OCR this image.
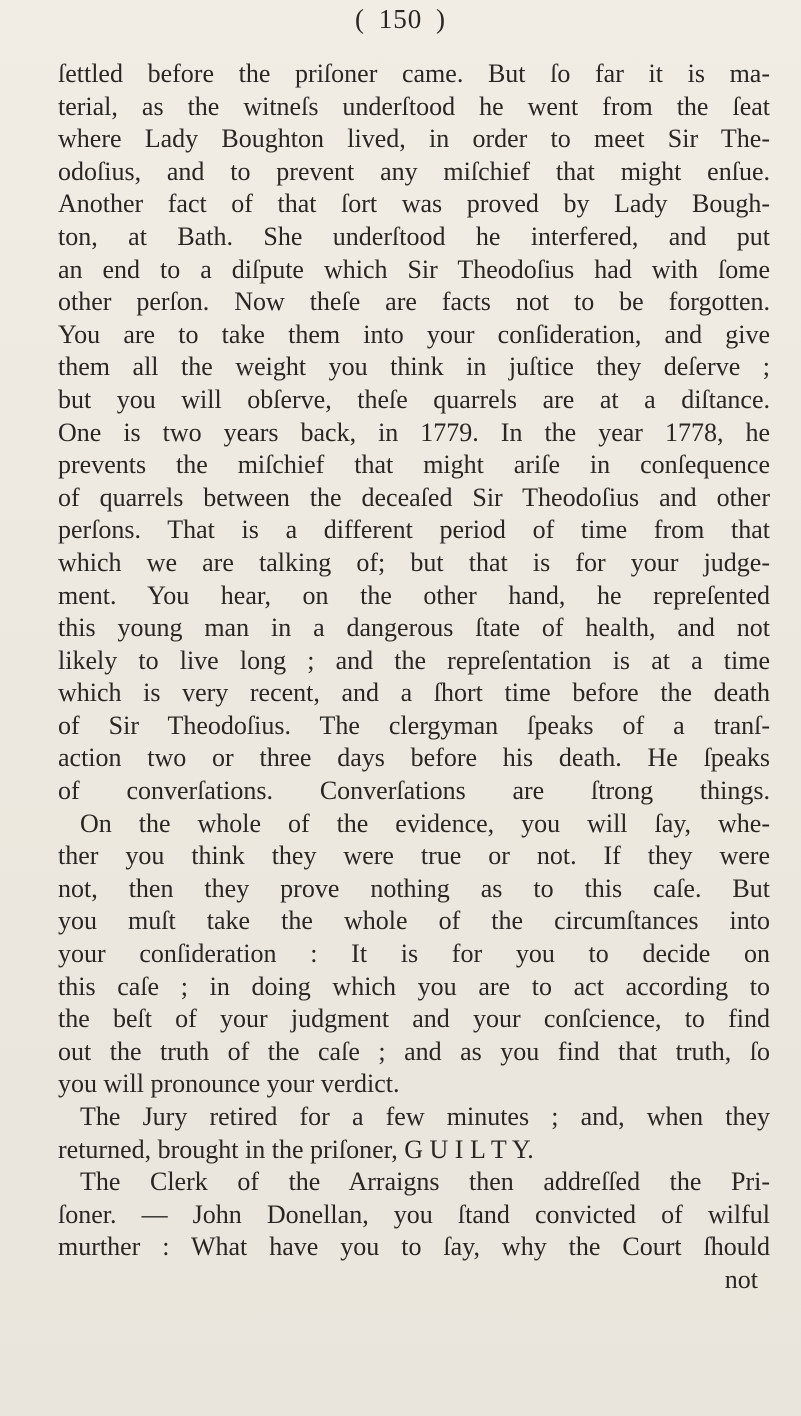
( 150 )
ſettled before the priſoner came. But ſo far it is ma-
terial, as the witneſs underſtood he went from the ſeat
where Lady Boughton lived, in order to meet Sir The-
odoſius, and to prevent any miſchief that might enſue.
Another fact of that ſort was proved by Lady Bough-
ton, at Bath. She underſtood he interfered, and put
an end to a diſpute which Sir Theodoſius had with ſome
other perſon. Now theſe are facts not to be forgotten.
You are to take them into your conſideration, and give
them all the weight you think in juſtice they deſerve ;
but you will obſerve, theſe quarrels are at a diſtance.
One is two years back, in 1779. In the year 1778, he
prevents the miſchief that might ariſe in conſequence
of quarrels between the deceaſed Sir Theodoſius and other
perſons. That is a different period of time from that
which we are talking of; but that is for your judge-
ment. You hear, on the other hand, he repreſented
this young man in a dangerous ſtate of health, and not
likely to live long ; and the repreſentation is at a time
which is very recent, and a ſhort time before the death
of Sir Theodoſius. The clergyman ſpeaks of a tranſ-
action two or three days before his death. He ſpeaks
of converſations. Converſations are ſtrong things.
On the whole of the evidence, you will ſay, whe-
ther you think they were true or not. If they were
not, then they prove nothing as to this caſe. But
you muſt take the whole of the circumſtances into
your conſideration : It is for you to decide on
this caſe ; in doing which you are to act according to
the beſt of your judgment and your conſcience, to find
out the truth of the caſe ; and as you find that truth, ſo
you will pronounce your verdict.
The Jury retired for a few minutes ; and, when they
returned, brought in the priſoner, G U I L T Y.
The Clerk of the Arraigns then addreſſed the Pri-
ſoner. — John Donellan, you ſtand convicted of wilful
murther : What have you to ſay, why the Court ſhould
not
